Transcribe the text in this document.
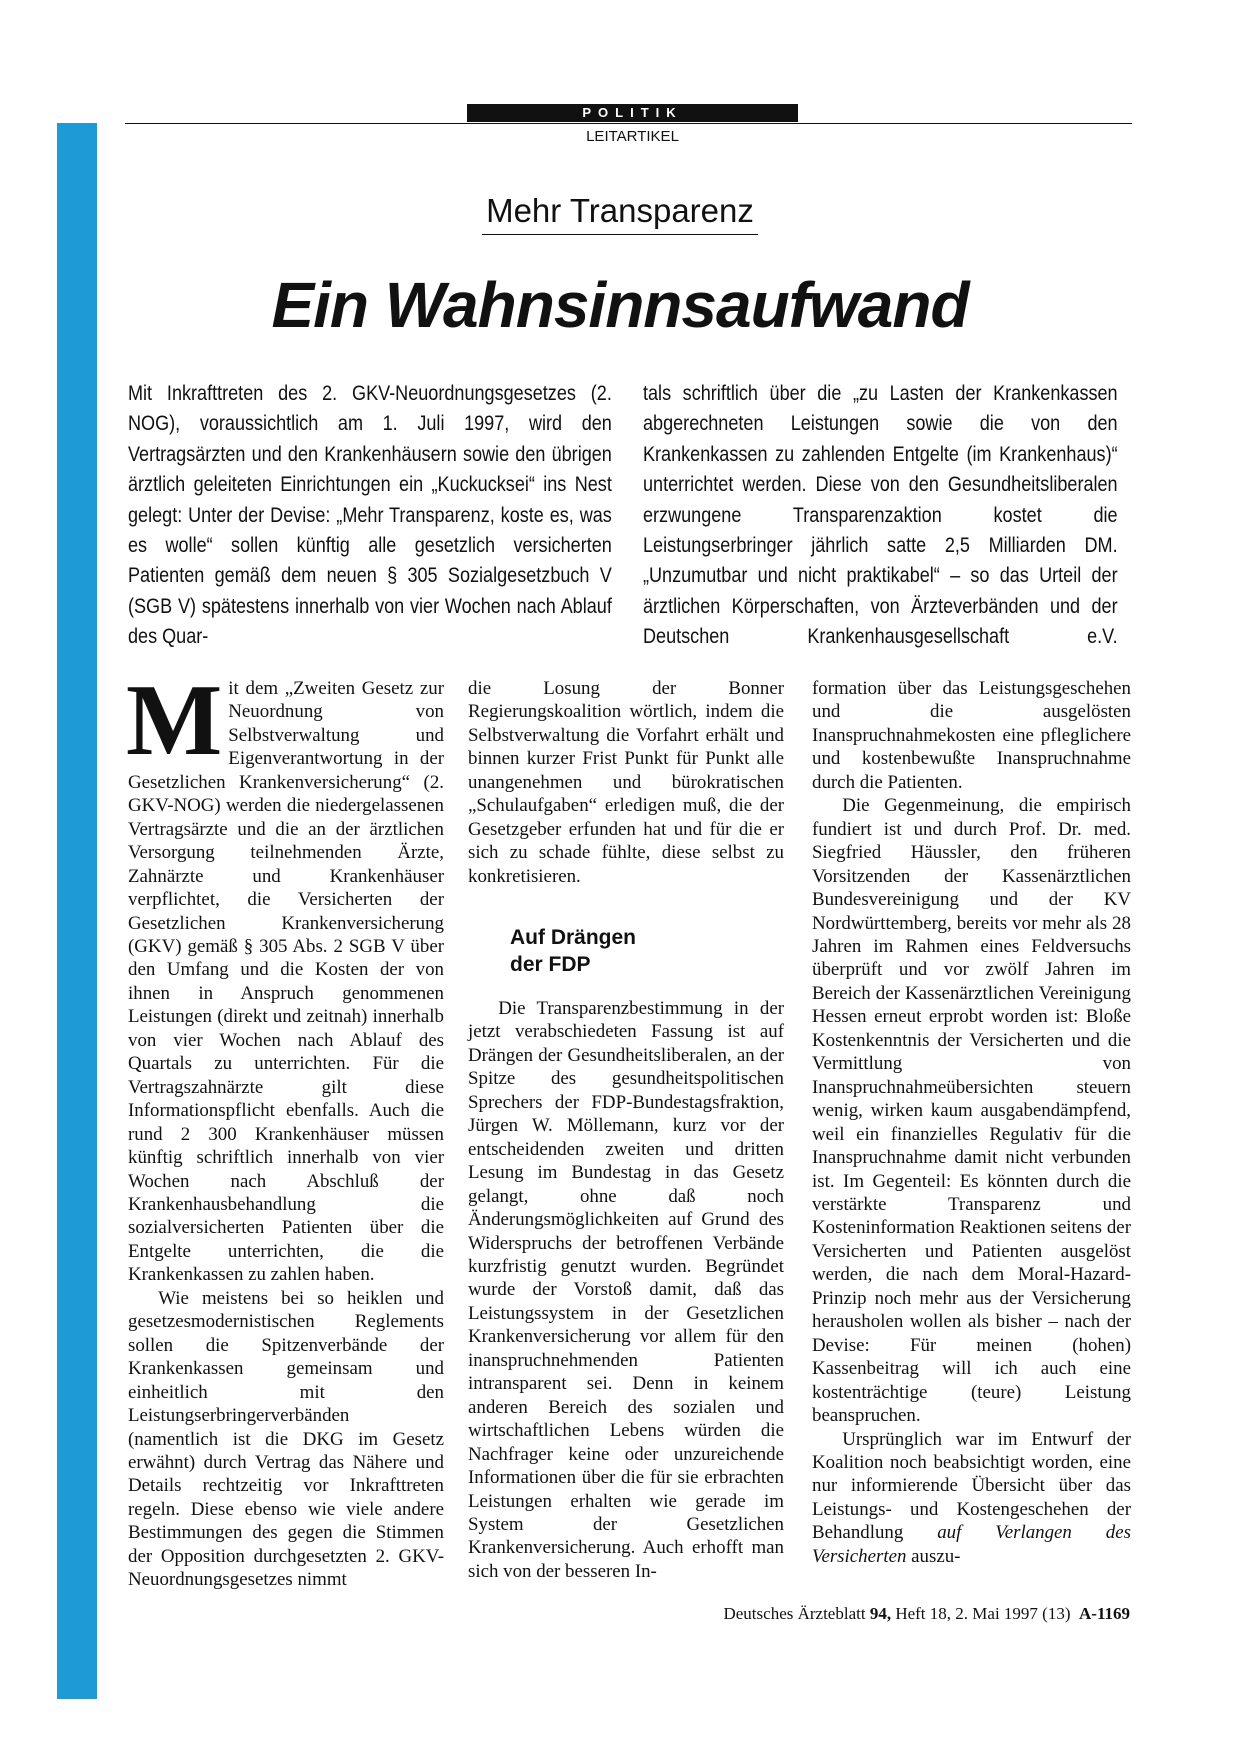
POLITIK
LEITARTIKEL
Mehr Transparenz
Ein Wahnsinnsaufwand
Mit Inkrafttreten des 2. GKV-Neuordnungsgesetzes (2. NOG), voraussichtlich am 1. Juli 1997, wird den Vertragsärzten und den Krankenhäusern sowie den übrigen ärztlich geleiteten Einrichtungen ein „Kuckucksei“ ins Nest gelegt: Unter der Devise: „Mehr Transparenz, koste es, was es wolle“ sollen künftig alle gesetzlich versicherten Patienten gemäß dem neuen § 305 Sozialgesetzbuch V (SGB V) spätestens innerhalb von vier Wochen nach Ablauf des Quar-
tals schriftlich über die „zu Lasten der Krankenkassen abgerechneten Leistungen sowie die von den Krankenkassen zu zahlenden Entgelte (im Krankenhaus)“ unterrichtet werden. Diese von den Gesundheitsliberalen erzwungene Transparenzaktion kostet die Leistungserbringer jährlich satte 2,5 Milliarden DM. „Unzumutbar und nicht praktikabel“ – so das Urteil der ärztlichen Körperschaften, von Ärzteverbänden und der Deutschen Krankenhausgesellschaft e.V.

Mit dem „Zweiten Gesetz zur Neuordnung von Selbstverwaltung und Eigenverantwortung in der Gesetzlichen Krankenversicherung“ (2. GKV-NOG) werden die niedergelassenen Vertragsärzte und die an der ärztlichen Versorgung teilnehmenden Ärzte, Zahnärzte und Krankenhäuser verpflichtet, die Versicherten der Gesetzlichen Krankenversicherung (GKV) gemäß § 305 Abs. 2 SGB V über den Umfang und die Kosten der von ihnen in Anspruch genommenen Leistungen (direkt und zeitnah) innerhalb von vier Wochen nach Ablauf des Quartals zu unterrichten. Für die Vertragszahnärzte gilt diese Informationspflicht ebenfalls. Auch die rund 2 300 Krankenhäuser müssen künftig schriftlich innerhalb von vier Wochen nach Abschluß der Krankenhausbehandlung die sozialversicherten Patienten über die Entgelte unterrichten, die die Krankenkassen zu zahlen haben.

Wie meistens bei so heiklen und gesetzesmodernistischen Reglements sollen die Spitzenverbände der Krankenkassen gemeinsam und einheitlich mit den Leistungserbringerverbänden (namentlich ist die DKG im Gesetz erwähnt) durch Vertrag das Nähere und Details rechtzeitig vor Inkrafttreten regeln. Diese ebenso wie viele andere Bestimmungen des gegen die Stimmen der Opposition durchgesetzten 2. GKV-Neuordnungsgesetzes nimmt

die Losung der Bonner Regierungskoalition wörtlich, indem die Selbstverwaltung die Vorfahrt erhält und binnen kurzer Frist Punkt für Punkt alle unangenehmen und bürokratischen „Schulaufgaben“ erledigen muß, die der Gesetzgeber erfunden hat und für die er sich zu schade fühlte, diese selbst zu konkretisieren.

Auf Drängen
der FDP

Die Transparenzbestimmung in der jetzt verabschiedeten Fassung ist auf Drängen der Gesundheitsliberalen, an der Spitze des gesundheitspolitischen Sprechers der FDP-Bundestagsfraktion, Jürgen W. Möllemann, kurz vor der entscheidenden zweiten und dritten Lesung im Bundestag in das Gesetz gelangt, ohne daß noch Änderungsmöglichkeiten auf Grund des Widerspruchs der betroffenen Verbände kurzfristig genutzt wurden. Begründet wurde der Vorstoß damit, daß das Leistungssystem in der Gesetzlichen Krankenversicherung vor allem für den inanspruchnehmenden Patienten intransparent sei. Denn in keinem anderen Bereich des sozialen und wirtschaftlichen Lebens würden die Nachfrager keine oder unzureichende Informationen über die für sie erbrachten Leistungen erhalten wie gerade im System der Gesetzlichen Krankenversicherung. Auch erhofft man sich von der besseren In-

formation über das Leistungsgeschehen und die ausgelösten Inanspruchnahmekosten eine pfleglichere und kostenbewußte Inanspruchnahme durch die Patienten.

Die Gegenmeinung, die empirisch fundiert ist und durch Prof. Dr. med. Siegfried Häussler, den früheren Vorsitzenden der Kassenärztlichen Bundesvereinigung und der KV Nordwürttemberg, bereits vor mehr als 28 Jahren im Rahmen eines Feldversuchs überprüft und vor zwölf Jahren im Bereich der Kassenärztlichen Vereinigung Hessen erneut erprobt worden ist: Bloße Kostenkenntnis der Versicherten und die Vermittlung von Inanspruchnahmeübersichten steuern wenig, wirken kaum ausgabendämpfend, weil ein finanzielles Regulativ für die Inanspruchnahme damit nicht verbunden ist. Im Gegenteil: Es könnten durch die verstärkte Transparenz und Kosteninformation Reaktionen seitens der Versicherten und Patienten ausgelöst werden, die nach dem Moral-Hazard-Prinzip noch mehr aus der Versicherung herausholen wollen als bisher – nach der Devise: Für meinen (hohen) Kassenbeitrag will ich auch eine kostenträchtige (teure) Leistung beanspruchen.

Ursprünglich war im Entwurf der Koalition noch beabsichtigt worden, eine nur informierende Übersicht über das Leistungs- und Kostengeschehen der Behandlung auf Verlangen des Versicherten auszu-

Deutsches Ärzteblatt 94, Heft 18, 2. Mai 1997 (13) A-1169
